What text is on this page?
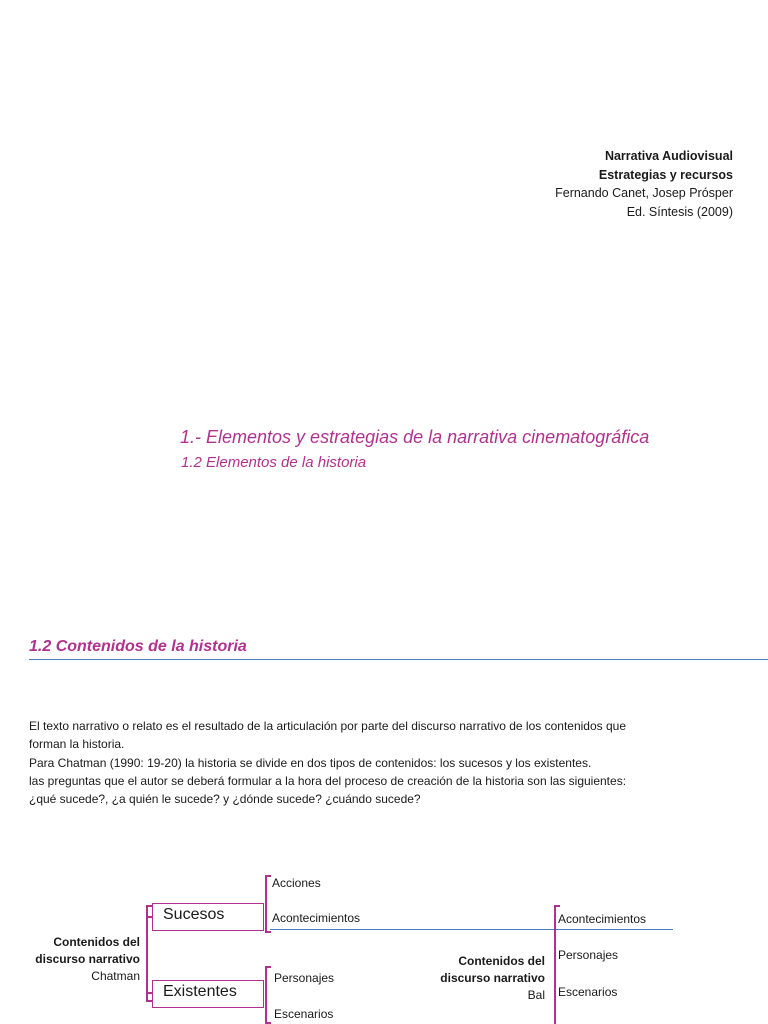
Narrativa Audiovisual
Estrategias y recursos
Fernando Canet, Josep Prósper
Ed. Síntesis (2009)
1.- Elementos y estrategias de la narrativa cinematográfica
1.2 Elementos de la historia
1.2 Contenidos de la historia
El texto narrativo o relato es el resultado de la articulación por parte del discurso narrativo de los contenidos que
forman la historia.
Para Chatman (1990: 19-20) la historia se divide en dos tipos de contenidos: los sucesos y los existentes.
las preguntas que el autor se deberá formular a la hora del proceso de creación de la historia son las siguientes:
¿qué sucede?, ¿a quién le sucede? y ¿dónde sucede? ¿cuándo sucede?
Contenidos del
discurso narrativo
Chatman
Sucesos
Existentes
Acciones
Acontecimientos
Personajes
Escenarios
Contenidos del
discurso narrativo
Bal
Acontecimientos
Personajes
Escenarios
